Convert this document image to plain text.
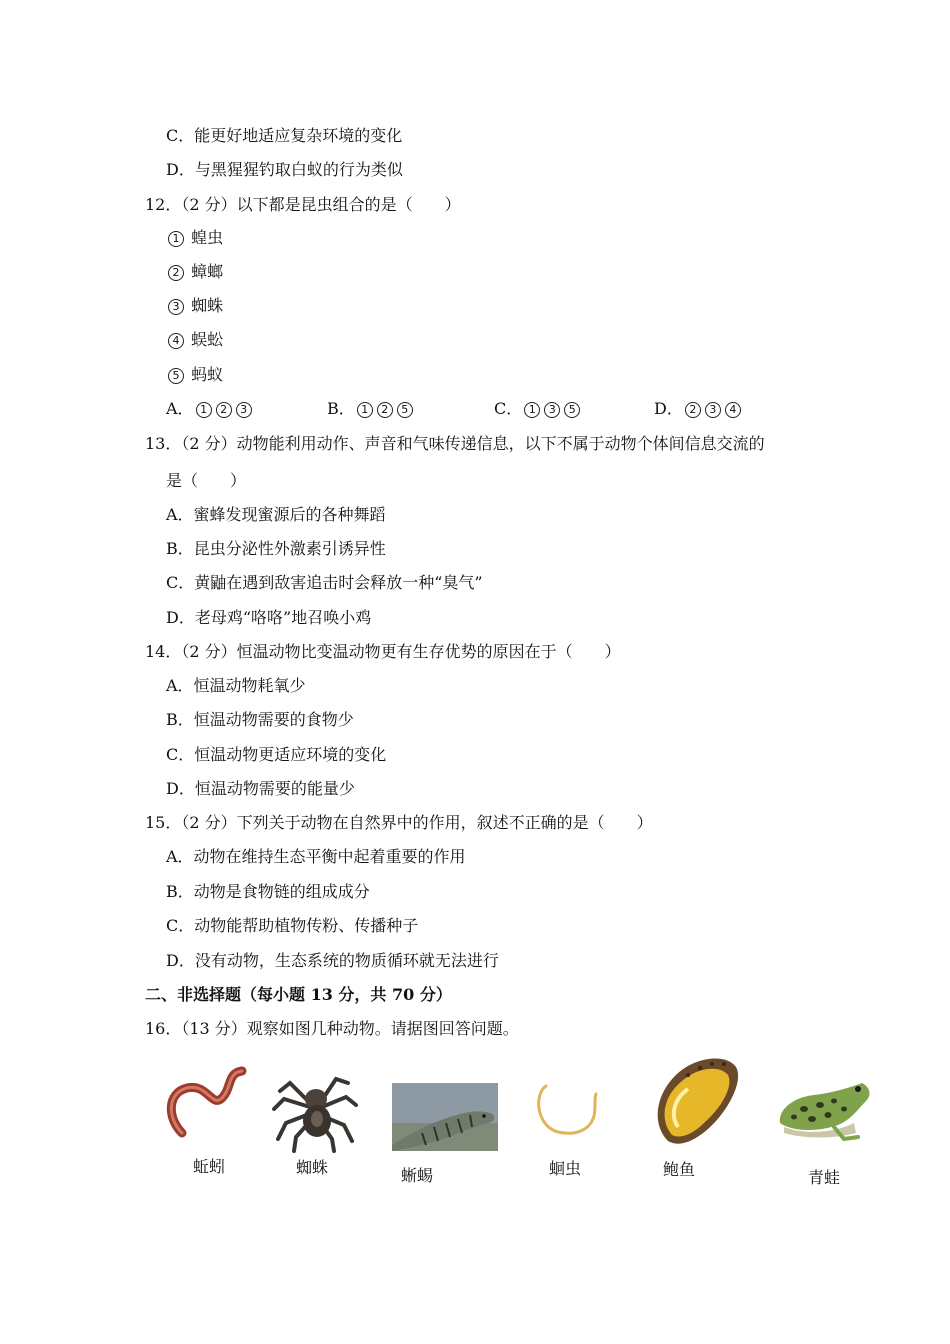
C．能更好地适应复杂环境的变化
D．与黑猩猩钓取白蚁的行为类似
12．（2 分）以下都是昆虫组合的是（　　）
1 蝗虫
2 蟑螂
3 蜘蛛
4 蜈蚣
5 蚂蚁
A． 1 2 3	B． 1 2 5	C． 1 3 5	D． 2 3 4
13．（2 分）动物能利用动作、声音和气味传递信息，以下不属于动物个体间信息交流的
是（　　）
A．蜜蜂发现蜜源后的各种舞蹈
B．昆虫分泌性外激素引诱异性
C．黄鼬在遇到敌害追击时会释放一种“臭气”
D．老母鸡“咯咯”地召唤小鸡
14．（2 分）恒温动物比变温动物更有生存优势的原因在于（　　）
A．恒温动物耗氧少
B．恒温动物需要的食物少
C．恒温动物更适应环境的变化
D．恒温动物需要的能量少
15．（2 分）下列关于动物在自然界中的作用，叙述不正确的是（　　）
A．动物在维持生态平衡中起着重要的作用
B．动物是食物链的组成成分
C．动物能帮助植物传粉、传播种子
D．没有动物，生态系统的物质循环就无法进行
二、非选择题（每小题 13 分，共 70 分）
16．（13 分）观察如图几种动物。请据图回答问题。
蚯蚓	蜘蛛	蜥蜴	蛔虫	鲍鱼	青蛙
